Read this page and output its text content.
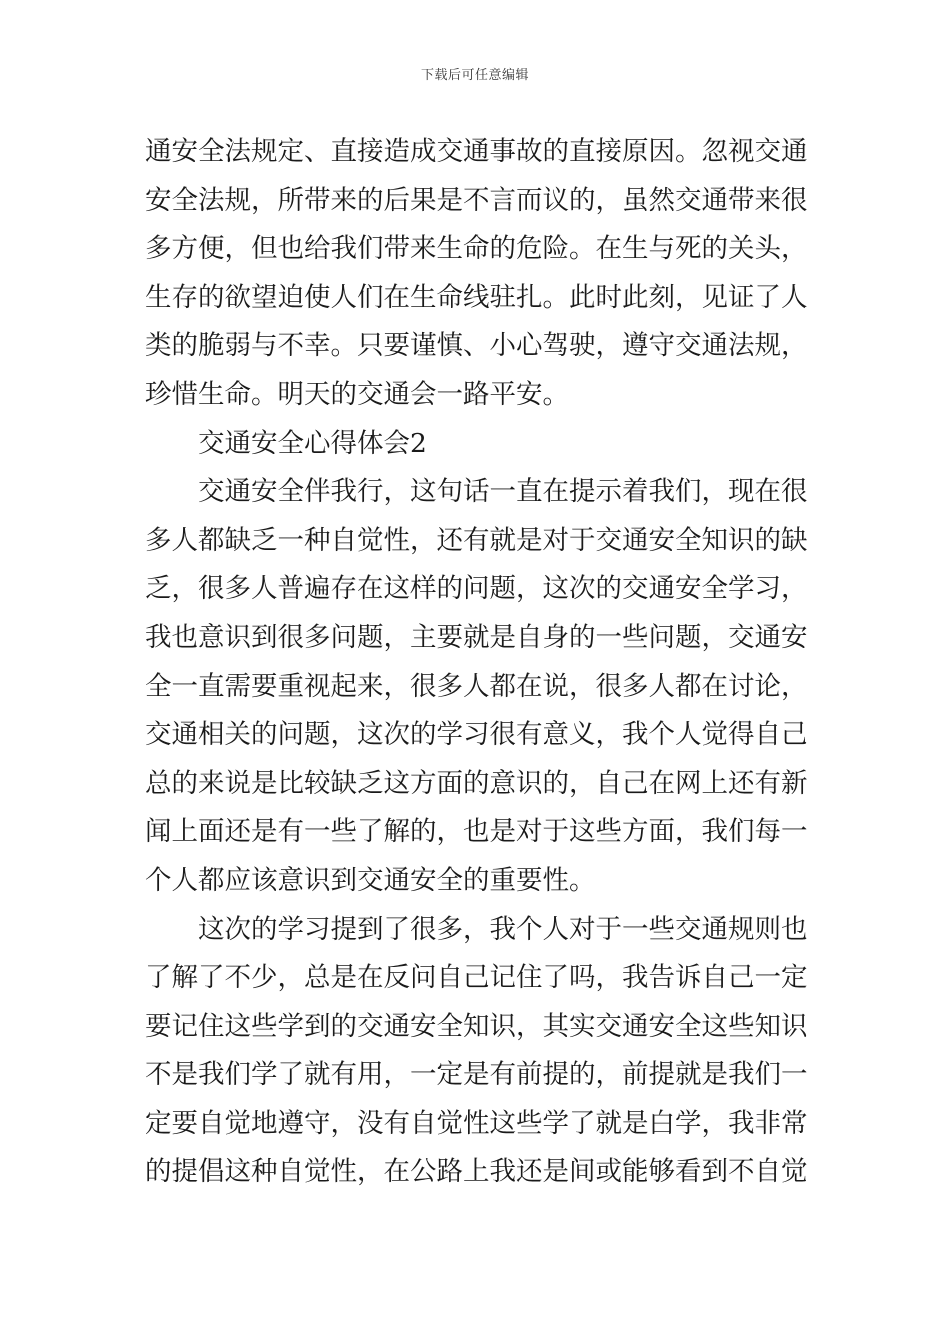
下载后可任意编辑
通安全法规定、直接造成交通事故的直接原因。忽视交通
安全法规，所带来的后果是不言而议的，虽然交通带来很
多方便，但也给我们带来生命的危险。在生与死的关头，
生存的欲望迫使人们在生命线驻扎。此时此刻，见证了人
类的脆弱与不幸。只要谨慎、小心驾驶，遵守交通法规，
珍惜生命。明天的交通会一路平安。
交通安全心得体会2
交通安全伴我行，这句话一直在提示着我们，现在很
多人都缺乏一种自觉性，还有就是对于交通安全知识的缺
乏，很多人普遍存在这样的问题，这次的交通安全学习，
我也意识到很多问题，主要就是自身的一些问题，交通安
全一直需要重视起来，很多人都在说，很多人都在讨论，
交通相关的问题，这次的学习很有意义，我个人觉得自己
总的来说是比较缺乏这方面的意识的，自己在网上还有新
闻上面还是有一些了解的，也是对于这些方面，我们每一
个人都应该意识到交通安全的重要性。
这次的学习提到了很多，我个人对于一些交通规则也
了解了不少，总是在反问自己记住了吗，我告诉自己一定
要记住这些学到的交通安全知识，其实交通安全这些知识
不是我们学了就有用，一定是有前提的，前提就是我们一
定要自觉地遵守，没有自觉性这些学了就是白学，我非常
的提倡这种自觉性，在公路上我还是间或能够看到不自觉
